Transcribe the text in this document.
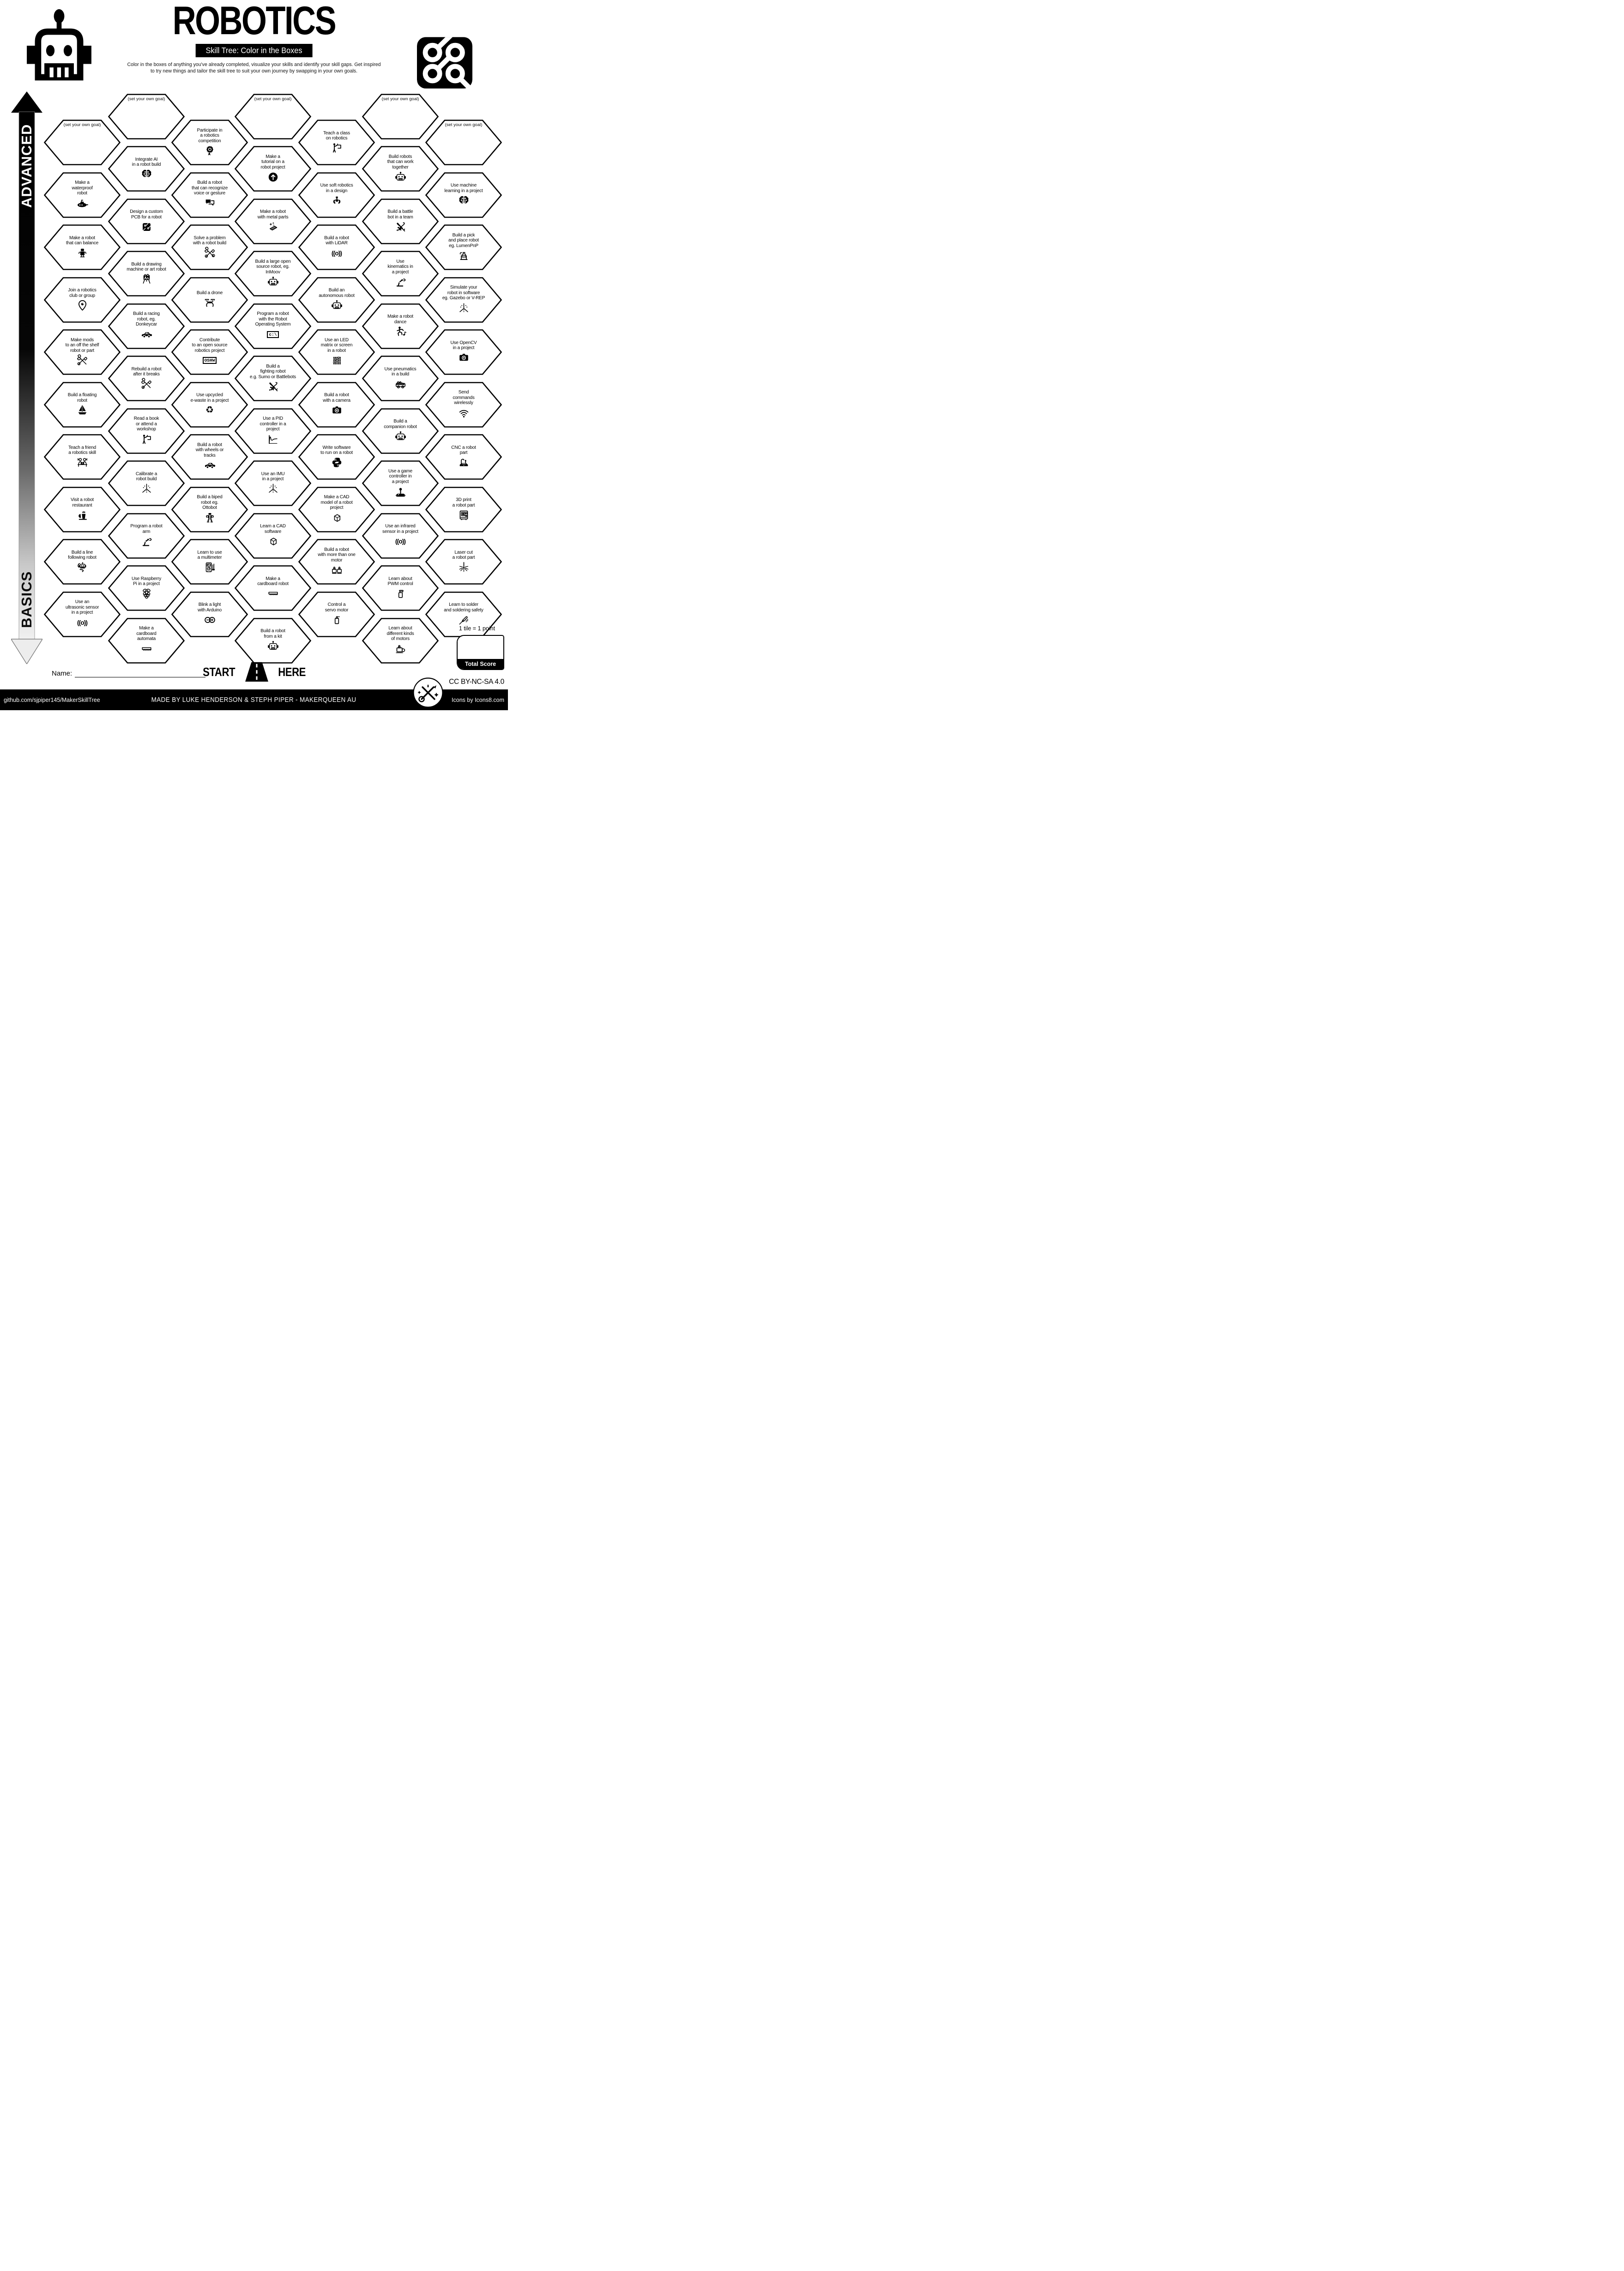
ROBOTICS
Skill Tree: Color in the Boxes
Color in the boxes of anything you've already completed, visualize your skills and identify your skill gaps. Get inspired
to try new things and tailor the skill tree to suit your own journey by swapping in your own goals.
ADVANCED
BASICS
(set your own goal)
Make a
waterproof
robot
Make a robot
that can balance
Join a robotics
club or group
Make mods
to an off the shelf
robot or part
Build a floating
robot
Teach a friend
a robotics skill
Visit a robot
restaurant
Build a line
following robot
Use an
ultrasonic sensor
in a project
((o))
(set your own goal)
Integrate AI
in a robot build
Design a custom
PCB for a robot
Build a drawing
machine or art robot
Build a racing
robot, eg.
Donkeycar
Rebuild a robot
after it breaks
Read a book
or attend a
workshop
Calibrate a
robot build
Program a robot
arm
Use Raspberry
Pi in a project
Make a
cardboard
automata
Participate in
a robotics
competition
Build a robot
that can recognize
voice or gesture
Solve a problem
with a robot build
Build a drone
Contribute
to an open source
robotics project
OSHW
Use upcycled
e-waste in a project
♻
Build a robot
with wheels or
tracks
Build a biped
robot eg.
Ottobot
Learn to use
a multimeter
Blink a light
with Arduino
(set your own goal)
Make a
tutorial on a
robot project
Make a robot
with metal parts
Build a large open
source robot, eg.
InMoov
Program a robot
with the Robot
Operating System
c:\
Build a
fighting robot
e.g. Sumo or Battlebots
Use a PID
controller in a
project
Use an IMU
in a project
Learn a CAD
software
Make a
cardboard robot
Build a robot
from a kit
Teach a class
on robotics
Use soft robotics
in a design
Build a robot
with LiDAR
((o))
Build an
autonomous robot
Use an LED
matrix or screen
in a robot
Build a robot
with a camera
Write software
to run on a robot
Make a CAD
model of a robot
project
Build a robot
with more than one
motor
Control a
servo motor
(set your own goal)
Build robots
that can work
together
Build a battle
bot in a team
Use
kinematics in
a project
Make a robot
dance
Use pneumatics
in a build
Build a
companion robot
Use a game
controller in
a project
Use an infrared
sensor in a project
((o))
Learn about
PWM control
Learn about
different kinds
of motors
(set your own goal)
Use machine
learning in a project
Build a pick
and place robot
eg. LumenPnP
Simulate your
robot in software
eg. Gazebo or V-REP
Use OpenCV
in a project
Send
commands
wirelessly
CNC a robot
part
3D print
a robot part
Laser cut
a robot part
Learn to solder
and soldering safety
START	HERE
Name:
1 tile = 1 point
Total Score
CC BY-NC-SA 4.0
github.com/sjpiper145/MakerSkillTree	MADE BY LUKE HENDERSON & STEPH PIPER - MAKERQUEEN AU	Icons by Icons8.com
